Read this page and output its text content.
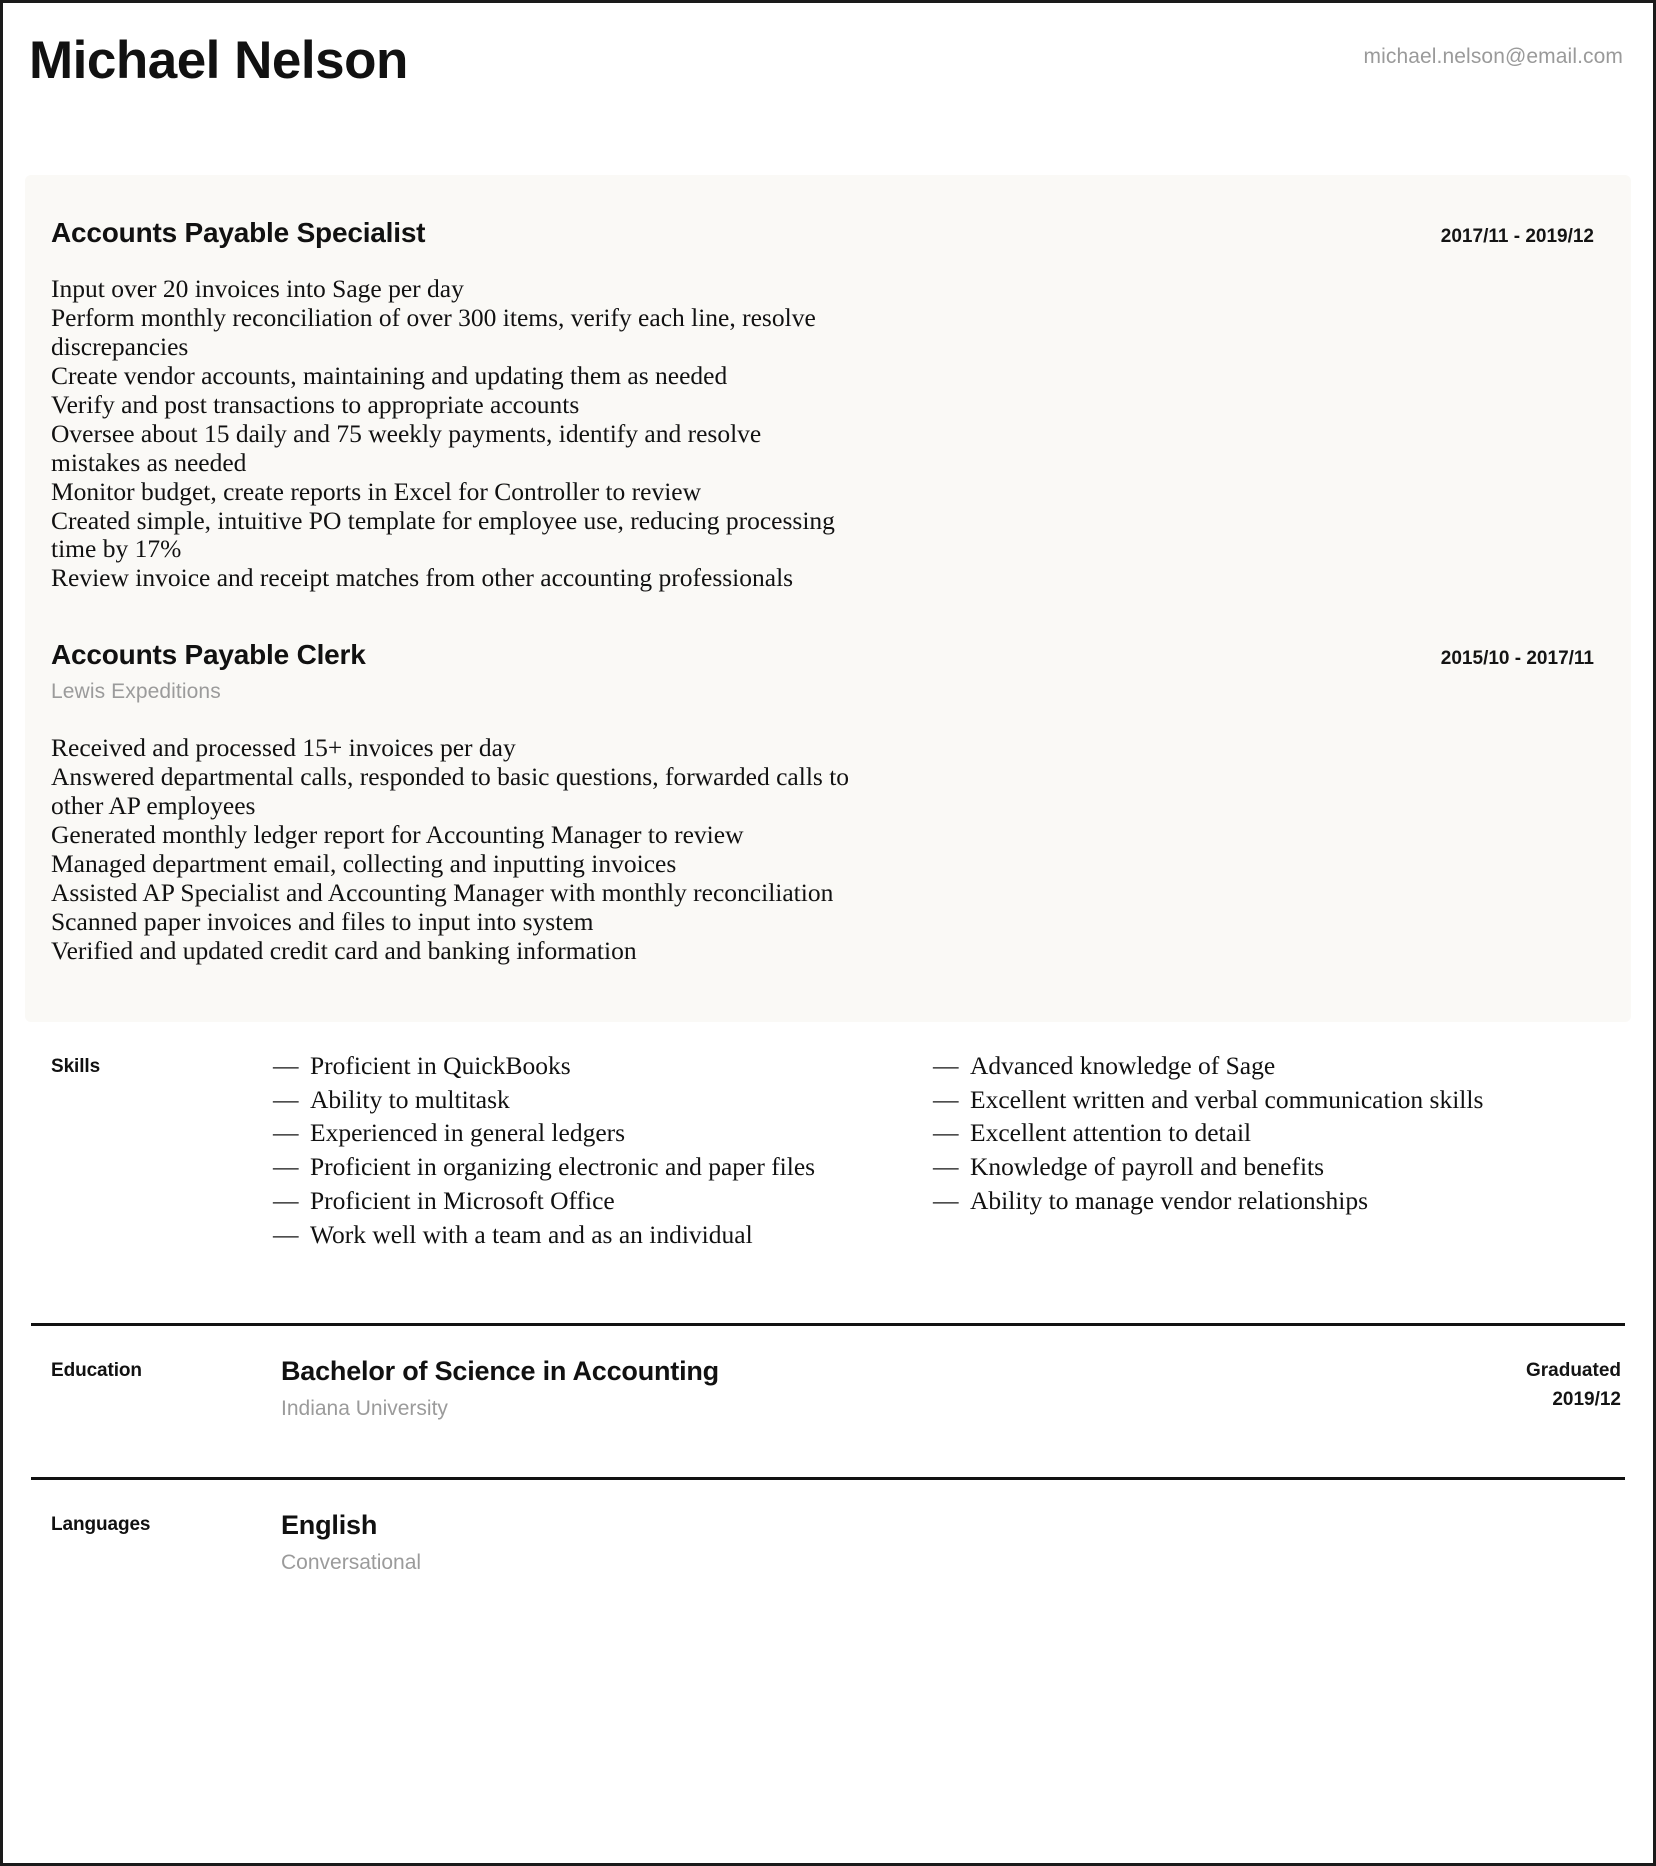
Michael Nelson	michael.nelson@email.com
Accounts Payable Specialist	2017/11 - 2019/12
Input over 20 invoices into Sage per day
Perform monthly reconciliation of over 300 items, verify each line, resolve discrepancies
Create vendor accounts, maintaining and updating them as needed
Verify and post transactions to appropriate accounts
Oversee about 15 daily and 75 weekly payments, identify and resolve mistakes as needed
Monitor budget, create reports in Excel for Controller to review
Created simple, intuitive PO template for employee use, reducing processing time by 17%
Review invoice and receipt matches from other accounting professionals
Accounts Payable Clerk	2015/10 - 2017/11
Lewis Expeditions
Received and processed 15+ invoices per day
Answered departmental calls, responded to basic questions, forwarded calls to other AP employees
Generated monthly ledger report for Accounting Manager to review
Managed department email, collecting and inputting invoices
Assisted AP Specialist and Accounting Manager with monthly reconciliation
Scanned paper invoices and files to input into system
Verified and updated credit card and banking information
Skills	— Proficient in QuickBooks
— Ability to multitask
— Experienced in general ledgers
— Proficient in organizing electronic and paper files
— Proficient in Microsoft Office
— Work well with a team and as an individual
— Advanced knowledge of Sage
— Excellent written and verbal communication skills
— Excellent attention to detail
— Knowledge of payroll and benefits
— Ability to manage vendor relationships
Education	Bachelor of Science in Accounting
Indiana University
Graduated
2019/12
Languages	English
Conversational
